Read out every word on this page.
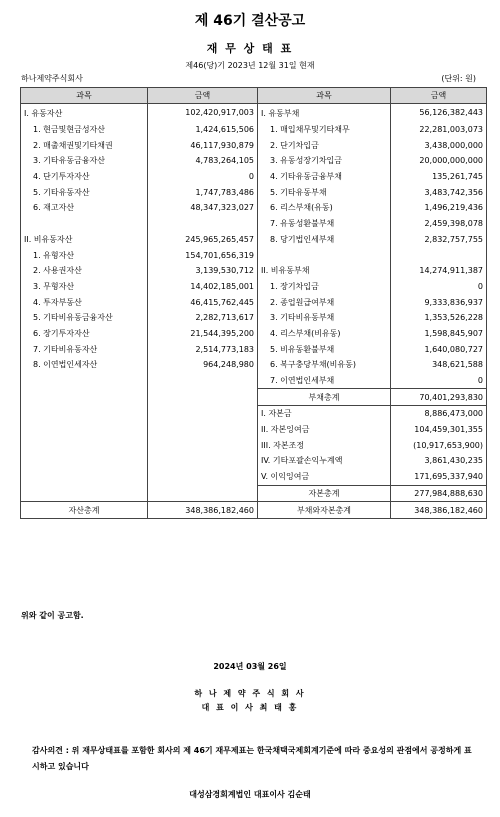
제 46기 결산공고
재 무 상 태 표
제46(당)기 2023년 12월 31일 현재
하나제약주식회사	(단위: 원)
과목	금액	과목	금액
I. 유동자산	102,420,917,003	I. 유동부채	56,126,382,443
1. 현금및현금성자산	1,424,615,506	1. 매입채무및기타채무	22,281,003,073
2. 매출채권및기타채권	46,117,930,879	2. 단기차입금	3,438,000,000
3. 기타유동금융자산	4,783,264,105	3. 유동성장기차입금	20,000,000,000
4. 단기투자자산	0	4. 기타유동금융부채	135,261,745
5. 기타유동자산	1,747,783,486	5. 기타유동부채	3,483,742,356
6. 재고자산	48,347,323,027	6. 리스부채(유동)	1,496,219,436
		7. 유동성환불부채	2,459,398,078
II. 비유동자산	245,965,265,457	8. 당기법인세부채	2,832,757,755
1. 유형자산	154,701,656,319		
2. 사용권자산	3,139,530,712	II. 비유동부채	14,274,911,387
3. 무형자산	14,402,185,001	1. 장기차입금	0
4. 투자부동산	46,415,762,445	2. 종업원급여부채	9,333,836,937
5. 기타비유동금융자산	2,282,713,617	3. 기타비유동부채	1,353,526,228
6. 장기투자자산	21,544,395,200	4. 리스부채(비유동)	1,598,845,907
7. 기타비유동자산	2,514,773,183	5. 비유동환불부채	1,640,080,727
8. 이연법인세자산	964,248,980	6. 복구충당부채(비유동)	348,621,588
		7. 이연법인세부채	0
		부채총계	70,401,293,830
		I. 자본금	8,886,473,000
		II. 자본잉여금	104,459,301,355
		III. 자본조정	(10,917,653,900)
		IV. 기타포괄손익누계액	3,861,430,235
		V. 이익잉여금	171,695,337,940
		자본총계	277,984,888,630
자산총계	348,386,182,460	부채와자본총계	348,386,182,460
위와 같이 공고함.
2024년 03월 26일
하 나 제 약 주 식 회 사
대 표 이 사 최 태 홍
감사의견 : 위 재무상태표를 포함한 회사의 제 46기 재무제표는 한국채택국제회계기준에 따라 중요성의 관점에서 공정하게 표시하고 있습니다
대성삼경회계법인 대표이사 김순태
